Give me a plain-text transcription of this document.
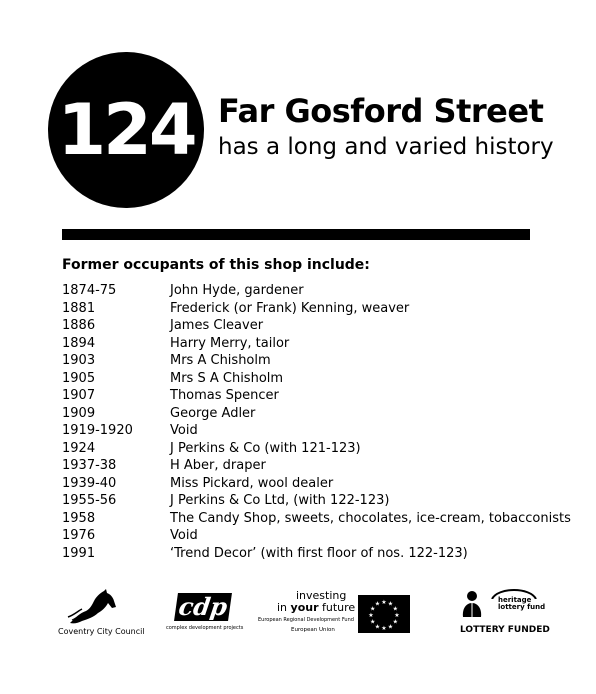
124 Far Gosford Street
has a long and varied history
Former occupants of this shop include:
1874-75	John Hyde, gardener
1881	Frederick (or Frank) Kenning, weaver
1886	James Cleaver
1894	Harry Merry, tailor
1903	Mrs A Chisholm
1905	Mrs S A Chisholm
1907	Thomas Spencer
1909	George Adler
1919-1920	Void
1924	J Perkins & Co (with 121-123)
1937-38	H Aber, draper
1939-40	Miss Pickard, wool dealer
1955-56	J Perkins & Co Ltd, (with 122-123)
1958	The Candy Shop, sweets, chocolates, ice-cream, tobacconists
1976	Void
1991	‘Trend Decor’ (with first floor of nos. 122-123)
Coventry City Council
cdp
complex development projects
investing
in your future
European Regional Development Fund
European Union
★ ★
★
★
★
★
★
★
★
★
★
★
heritage
lottery fund
LOTTERY FUNDED
